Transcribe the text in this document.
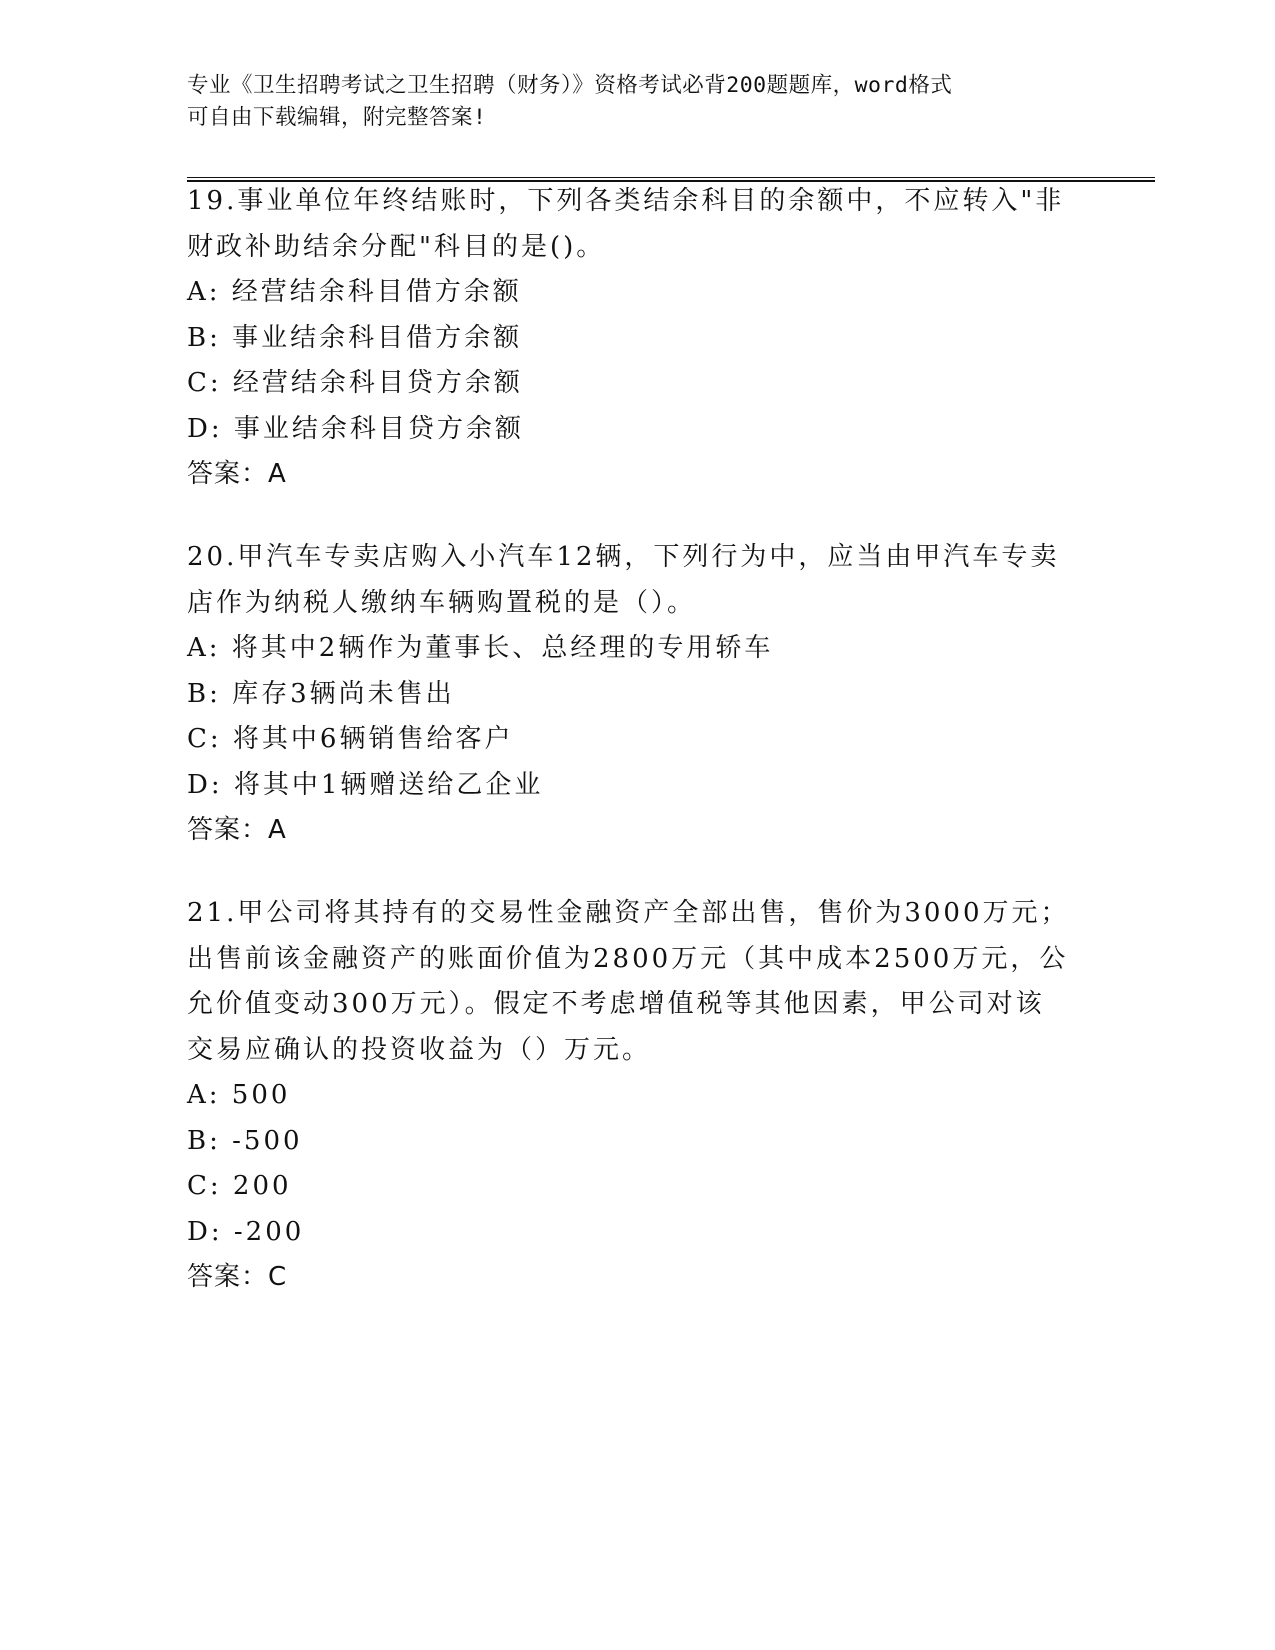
专业《卫生招聘考试之卫生招聘（财务）》资格考试必背200题题库，word格式
可自由下载编辑，附完整答案!
19.事业单位年终结账时，下列各类结余科目的余额中，不应转入"非
财政补助结余分配"科目的是()。
A: 经营结余科目借方余额
B: 事业结余科目借方余额
C: 经营结余科目贷方余额
D: 事业结余科目贷方余额
答案：A
20.甲汽车专卖店购入小汽车12辆，下列行为中，应当由甲汽车专卖
店作为纳税人缴纳车辆购置税的是（）。
A: 将其中2辆作为董事长、总经理的专用轿车
B: 库存3辆尚未售出
C: 将其中6辆销售给客户
D: 将其中1辆赠送给乙企业
答案：A
21.甲公司将其持有的交易性金融资产全部出售，售价为3000万元；
出售前该金融资产的账面价值为2800万元（其中成本2500万元，公
允价值变动300万元）。假定不考虑增值税等其他因素，甲公司对该
交易应确认的投资收益为（）万元。
A: 500
B: -500
C: 200
D: -200
答案：C
